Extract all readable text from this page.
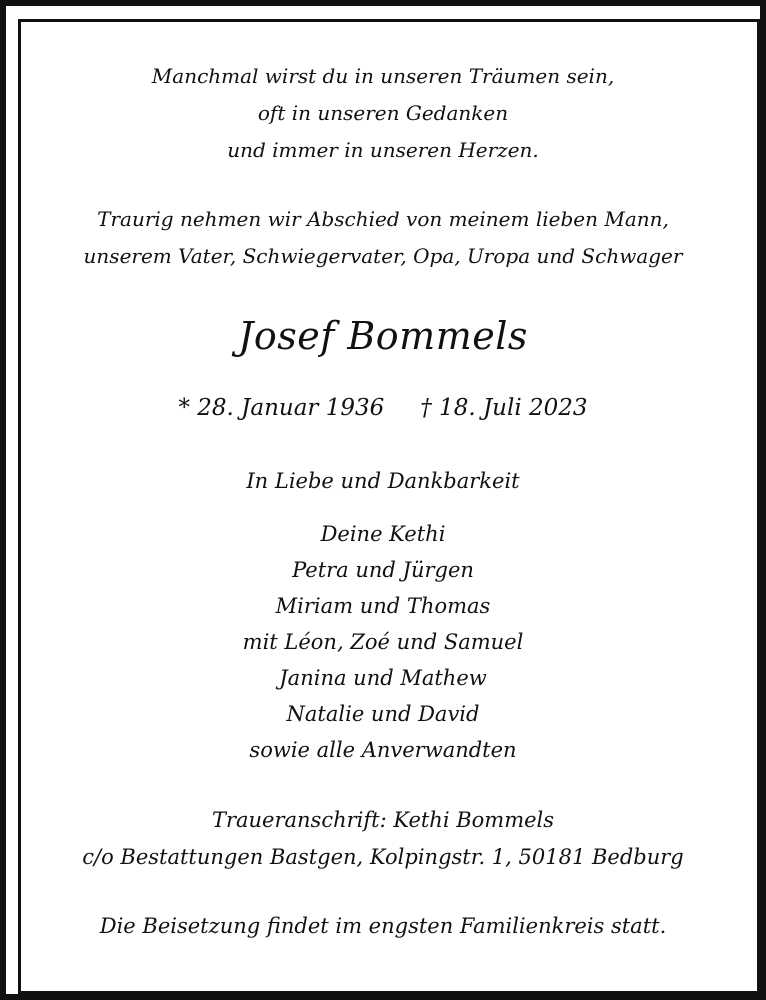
Manchmal wirst du in unseren Träumen sein,
oft in unseren Gedanken
und immer in unseren Herzen.
Traurig nehmen wir Abschied von meinem lieben Mann,
unserem Vater, Schwiegervater, Opa, Uropa und Schwager
Josef Bommels
* 28. Januar 1936 † 18. Juli 2023
In Liebe und Dankbarkeit
Deine Kethi
Petra und Jürgen
Miriam und Thomas
mit Léon, Zoé und Samuel
Janina und Mathew
Natalie und David
sowie alle Anverwandten
Traueranschrift: Kethi Bommels
c/o Bestattungen Bastgen, Kolpingstr. 1, 50181 Bedburg
Die Beisetzung findet im engsten Familienkreis statt.
